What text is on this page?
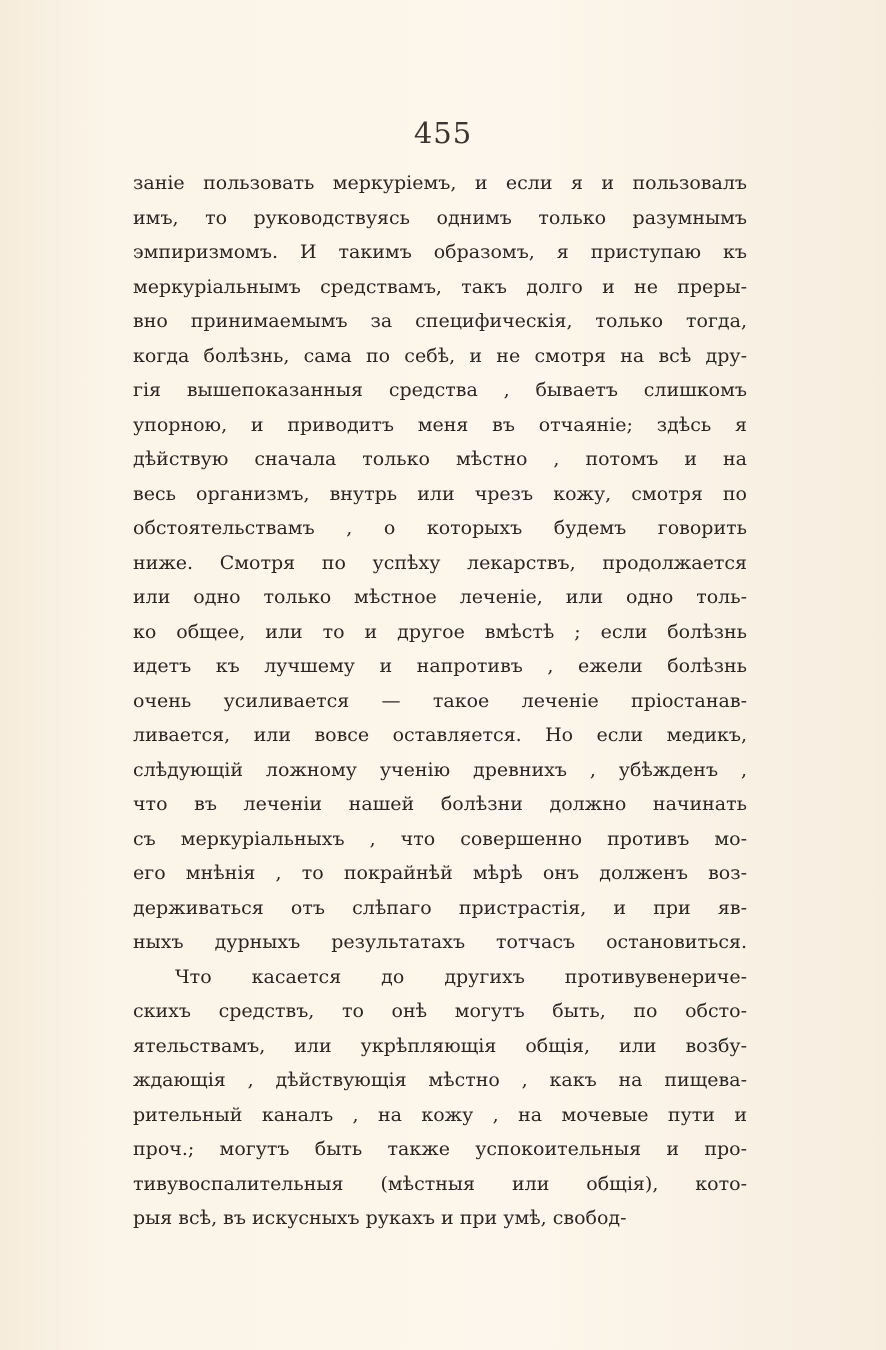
455
заніе пользовать меркуріемъ, и если я и пользовалъ
имъ, то руководствуясь однимъ только разумнымъ
эмпиризмомъ. И такимъ образомъ, я приступаю къ
меркуріальнымъ средствамъ, такъ долго и не преры-
вно принимаемымъ за специфическія, только тогда,
когда болѣзнь, сама по себѣ, и не смотря на всѣ дру-
гія вышепоказанныя средства , бываетъ слишкомъ
упорною, и приводитъ меня въ отчаяніе; здѣсь я
дѣйствую сначала только мѣстно , потомъ и на
весь организмъ, внутрь или чрезъ кожу, смотря по
обстоятельствамъ , о которыхъ будемъ говорить
ниже. Смотря по успѣху лекарствъ, продолжается
или одно только мѣстное леченіе, или одно толь-
ко общее, или то и другое вмѣстѣ ; если болѣзнь
идетъ къ лучшему и напротивъ , ежели болѣзнь
очень усиливается — такое леченіе пріостанав-
ливается, или вовсе оставляется. Но если медикъ,
слѣдующій ложному ученію древнихъ , убѣжденъ ,
что въ леченіи нашей болѣзни должно начинать
съ меркуріальныхъ , что совершенно противъ мо-
его мнѣнія , то покрайнѣй мѣрѣ онъ долженъ воз-
держиваться отъ слѣпаго пристрастія, и при яв-
ныхъ дурныхъ результатахъ тотчасъ остановиться.
Что касается до другихъ противувенериче-
скихъ средствъ, то онѣ могутъ быть, по обсто-
ятельствамъ, или укрѣпляющія общія, или возбу-
ждающія , дѣйствующія мѣстно , какъ на пищева-
рительный каналъ , на кожу , на мочевые пути и
проч.; могутъ быть также успокоительныя и про-
тивувоспалительныя (мѣстныя или общія), кото-
рыя всѣ, въ искусныхъ рукахъ и при умѣ, свобод-
